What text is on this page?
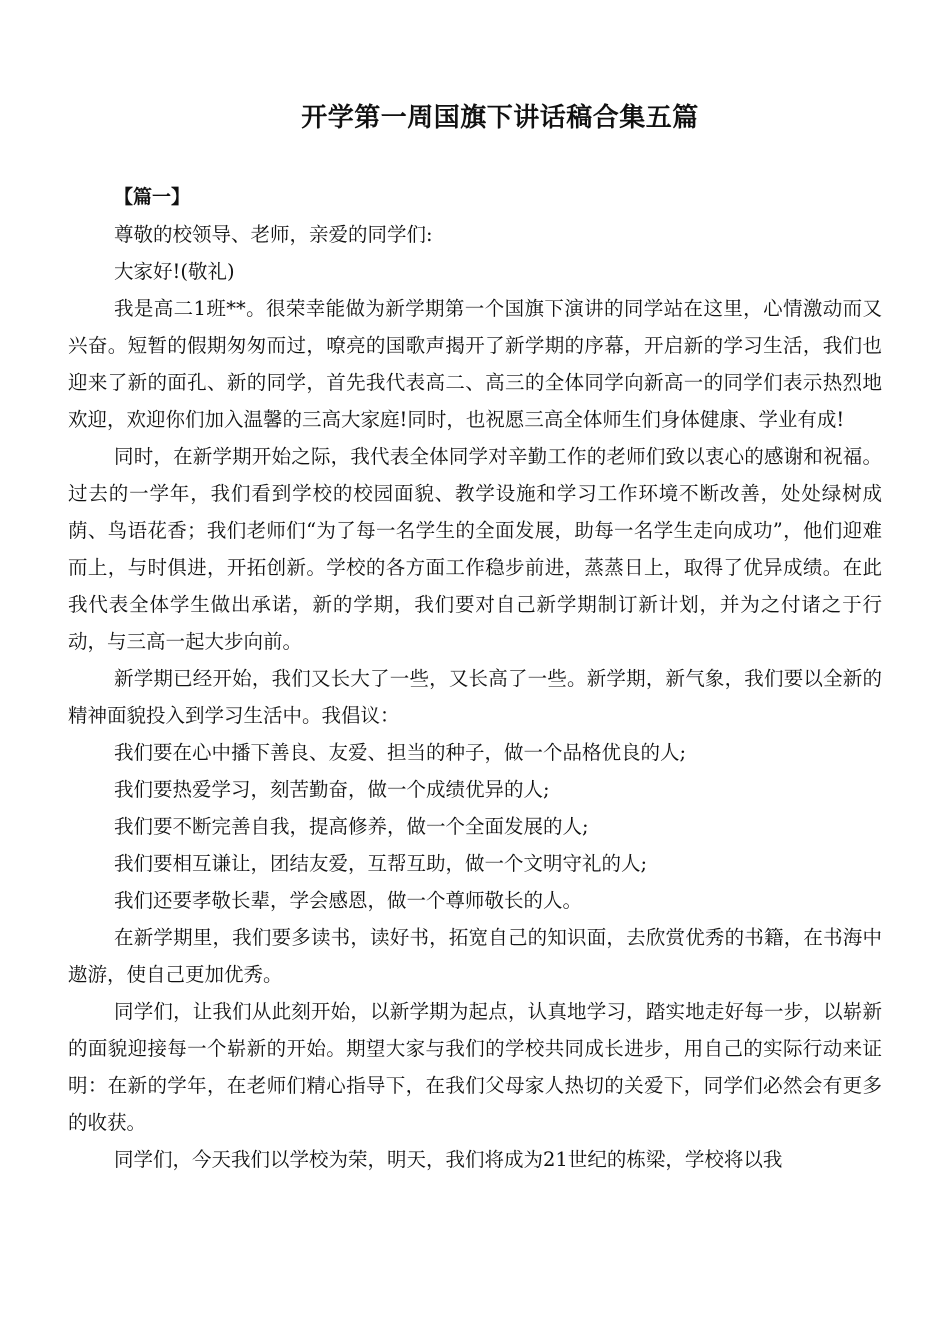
开学第一周国旗下讲话稿合集五篇
【篇一】

尊敬的校领导、老师，亲爱的同学们:

大家好!(敬礼)

我是高二1班**。很荣幸能做为新学期第一个国旗下演讲的同学站在这里，心情激动而又兴奋。短暂的假期匆匆而过，嘹亮的国歌声揭开了新学期的序幕，开启新的学习生活，我们也迎来了新的面孔、新的同学，首先我代表高二、高三的全体同学向新高一的同学们表示热烈地欢迎，欢迎你们加入温馨的三高大家庭!同时，也祝愿三高全体师生们身体健康、学业有成!

同时，在新学期开始之际，我代表全体同学对辛勤工作的老师们致以衷心的感谢和祝福。过去的一学年，我们看到学校的校园面貌、教学设施和学习工作环境不断改善，处处绿树成荫、鸟语花香；我们老师们“为了每一名学生的全面发展，助每一名学生走向成功”，他们迎难而上，与时俱进，开拓创新。学校的各方面工作稳步前进，蒸蒸日上，取得了优异成绩。在此我代表全体学生做出承诺，新的学期，我们要对自己新学期制订新计划，并为之付诸之于行动，与三高一起大步向前。

新学期已经开始，我们又长大了一些，又长高了一些。新学期，新气象，我们要以全新的精神面貌投入到学习生活中。我倡议：

我们要在心中播下善良、友爱、担当的种子，做一个品格优良的人;

我们要热爱学习，刻苦勤奋，做一个成绩优异的人;

我们要不断完善自我，提高修养，做一个全面发展的人;

我们要相互谦让，团结友爱，互帮互助，做一个文明守礼的人;

我们还要孝敬长辈，学会感恩，做一个尊师敬长的人。

在新学期里，我们要多读书，读好书，拓宽自己的知识面，去欣赏优秀的书籍，在书海中遨游，使自己更加优秀。

同学们，让我们从此刻开始，以新学期为起点，认真地学习，踏实地走好每一步，以崭新的面貌迎接每一个崭新的开始。期望大家与我们的学校共同成长进步，用自己的实际行动来证明：在新的学年，在老师们精心指导下，在我们父母家人热切的关爱下，同学们必然会有更多的收获。

同学们，今天我们以学校为荣，明天，我们将成为21世纪的栋梁，学校将以我
